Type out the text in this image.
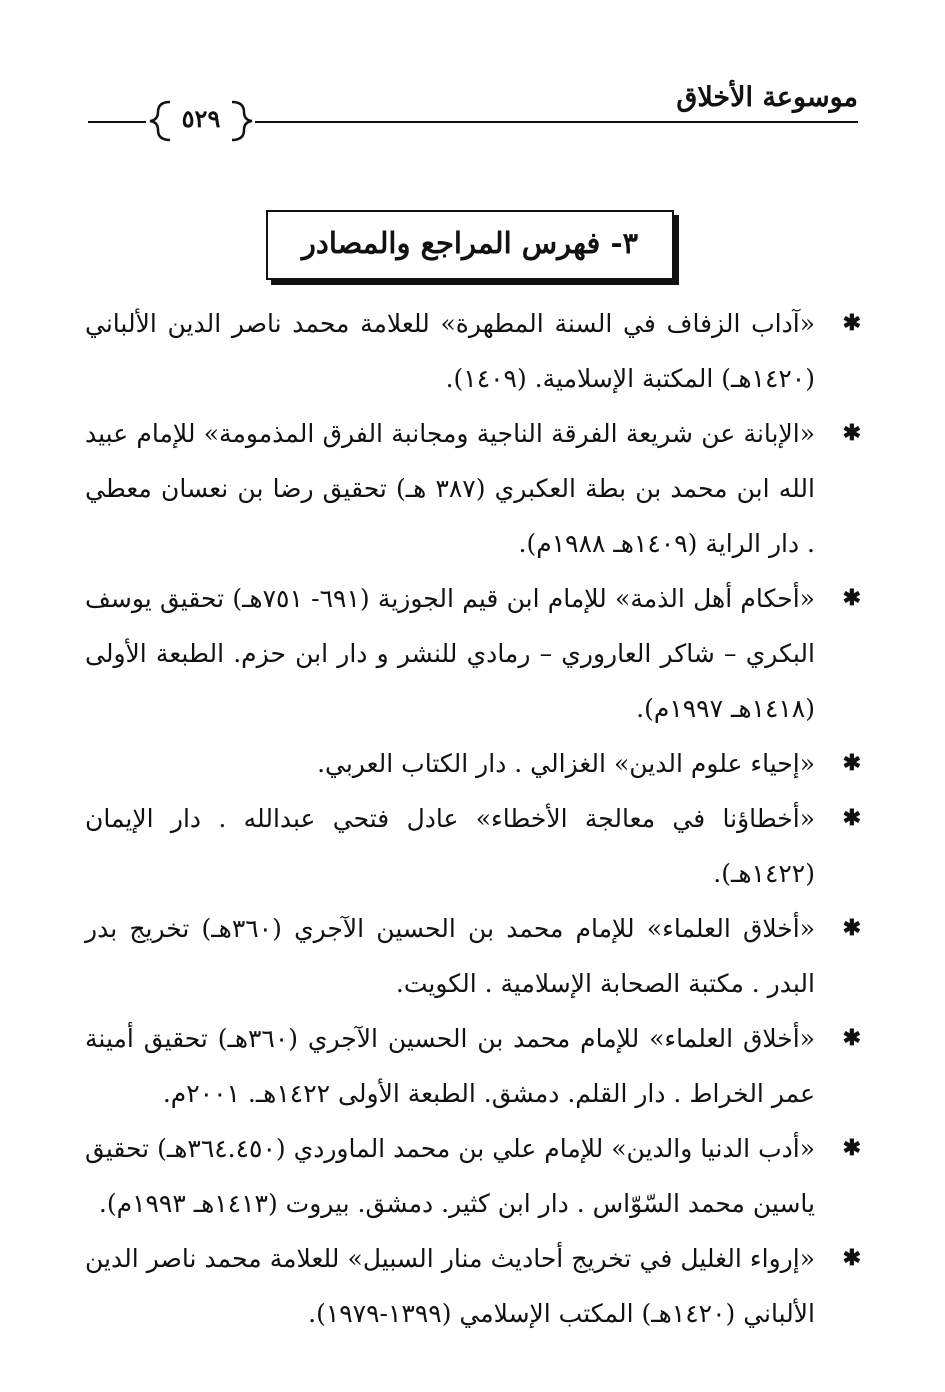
موسوعة الأخلاق
٥٢٩
٣- فهرس المراجع والمصادر
✱
«آداب الزفاف في السنة المطهرة» للعلامة محمد ناصر الدين الألباني (١٤٢٠هـ) المكتبة الإسلامية. (١٤٠٩).
✱
«الإبانة عن شريعة الفرقة الناجية ومجانبة الفرق المذمومة» للإمام عبيد الله ابن محمد بن بطة العكبري (٣٨٧ هـ) تحقيق رضا بن نعسان معطي . دار الراية (١٤٠٩هـ ١٩٨٨م).
✱
«أحكام أهل الذمة» للإمام ابن قيم الجوزية (٦٩١- ٧٥١هـ) تحقيق يوسف البكري – شاكر العاروري – رمادي للنشر و دار ابن حزم. الطبعة الأولى (١٤١٨هـ ١٩٩٧م).
✱
«إحياء علوم الدين» الغزالي . دار الكتاب العربي.
✱
«أخطاؤنا في معالجة الأخطاء» عادل فتحي عبدالله . دار الإيمان (١٤٢٢هـ).
✱
«أخلاق العلماء» للإمام محمد بن الحسين الآجري (٣٦٠هـ) تخريج بدر البدر . مكتبة الصحابة الإسلامية . الكويت.
✱
«أخلاق العلماء» للإمام محمد بن الحسين الآجري (٣٦٠هـ) تحقيق أمينة عمر الخراط . دار القلم. دمشق. الطبعة الأولى ١٤٢٢هـ. ٢٠٠١م.
✱
«أدب الدنيا والدين» للإمام علي بن محمد الماوردي (٣٦٤.٤٥٠هـ) تحقيق ياسين محمد السّوّاس . دار ابن كثير. دمشق. بيروت (١٤١٣هـ ١٩٩٣م).
✱
«إرواء الغليل في تخريج أحاديث منار السبيل» للعلامة محمد ناصر الدين الألباني (١٤٢٠هـ) المكتب الإسلامي (١٣٩٩-١٩٧٩).
